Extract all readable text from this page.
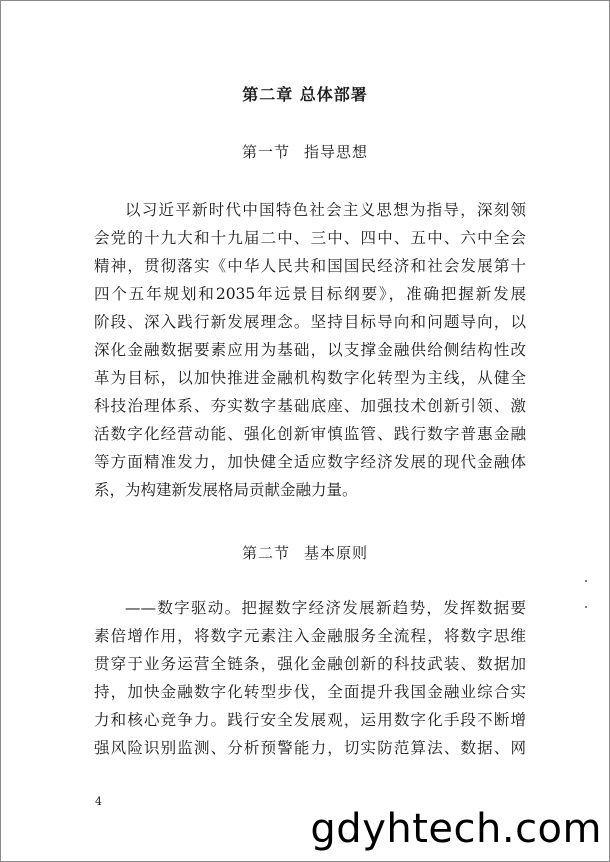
第二章 总体部署
第一节 指导思想
以习近平新时代中国特色社会主义思想为指导，深刻领
会党的十九大和十九届二中、三中、四中、五中、六中全会
精神，贯彻落实《中华人民共和国国民经济和社会发展第十
四个五年规划和2035年远景目标纲要》，准确把握新发展
阶段、深入践行新发展理念。坚持目标导向和问题导向，以
深化金融数据要素应用为基础，以支撑金融供给侧结构性改
革为目标，以加快推进金融机构数字化转型为主线，从健全
科技治理体系、夯实数字基础底座、加强技术创新引领、激
活数字化经营动能、强化创新审慎监管、践行数字普惠金融
等方面精准发力，加快健全适应数字经济发展的现代金融体
系，为构建新发展格局贡献金融力量。
第二节 基本原则
——数字驱动。把握数字经济发展新趋势，发挥数据要
素倍增作用，将数字元素注入金融服务全流程，将数字思维
贯穿于业务运营全链条，强化金融创新的科技武装、数据加
持，加快金融数字化转型步伐，全面提升我国金融业综合实
力和核心竞争力。践行安全发展观，运用数字化手段不断增
强风险识别监测、分析预警能力，切实防范算法、数据、网
4
gdyhtech.com
